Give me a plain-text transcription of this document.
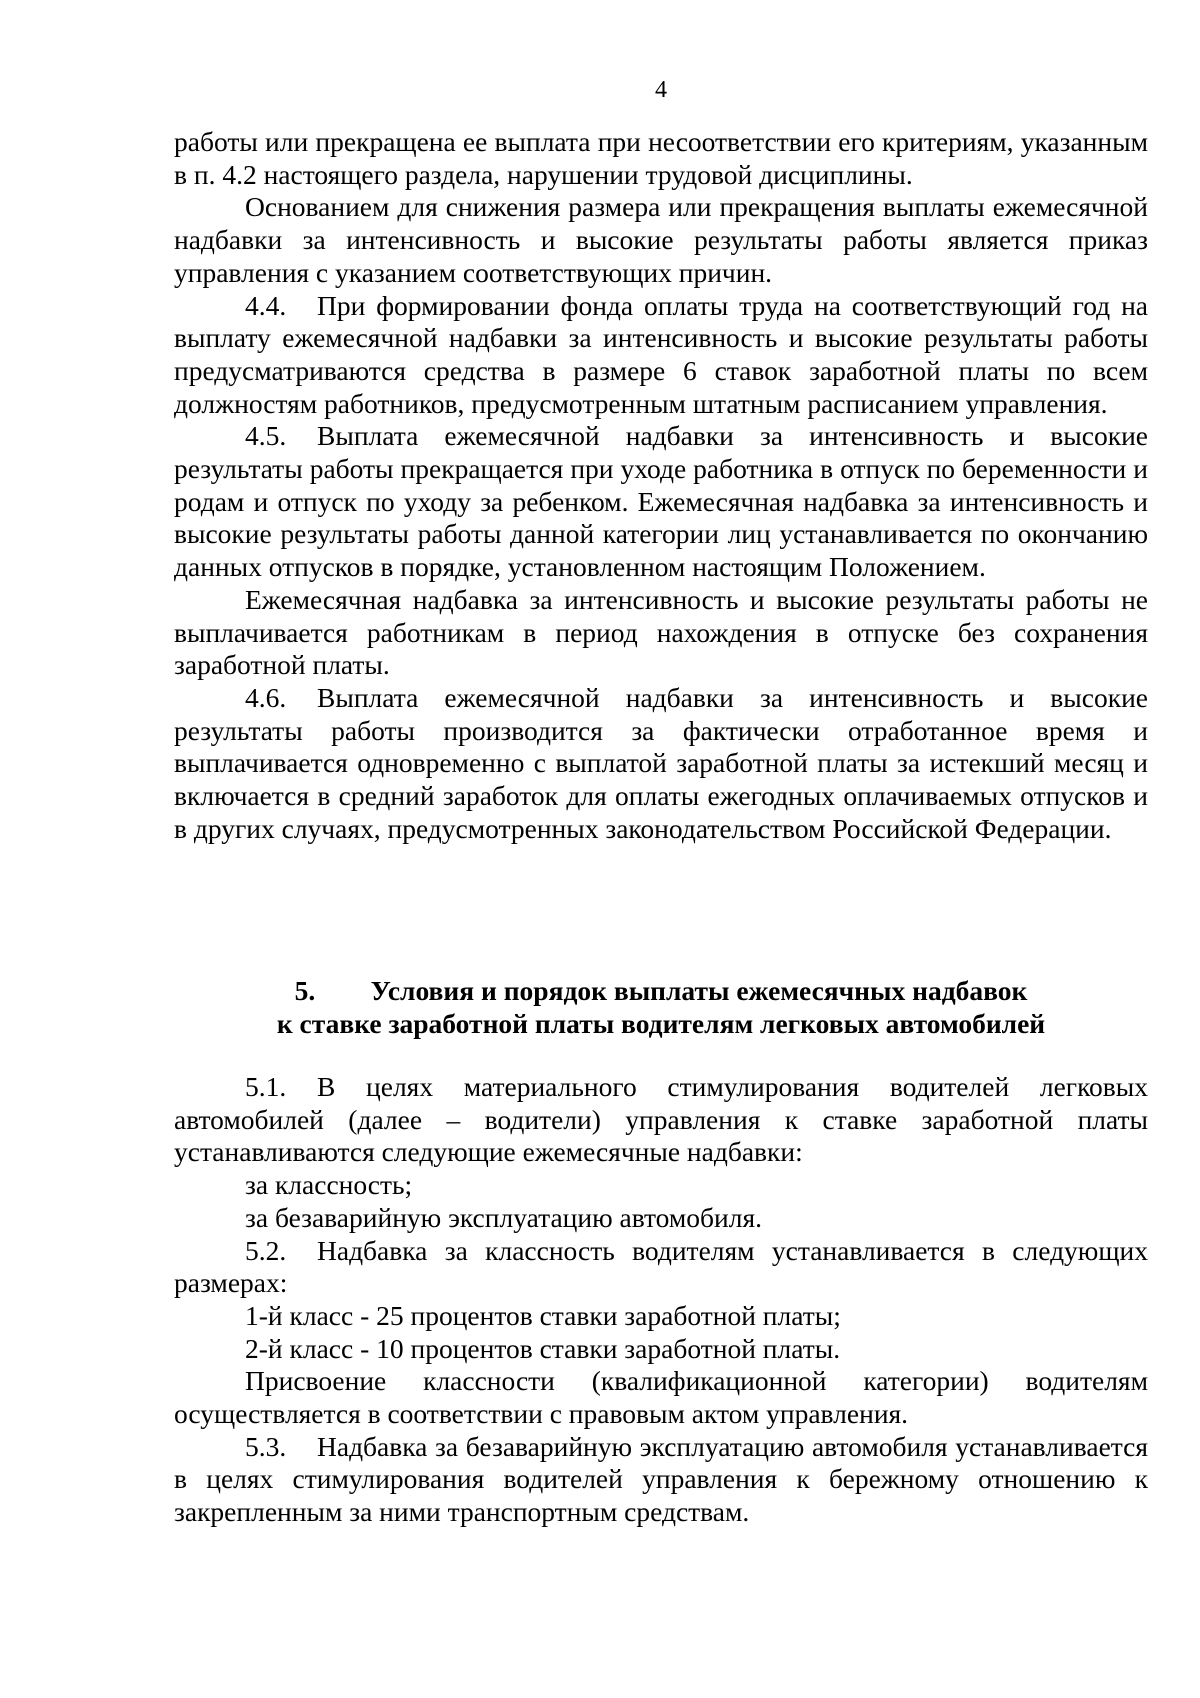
4

работы или прекращена ее выплата при несоответствии его критериям, указанным в п. 4.2 настоящего раздела, нарушении трудовой дисциплины.

Основанием для снижения размера или прекращения выплаты ежемесячной надбавки за интенсивность и высокие результаты работы является приказ управления с указанием соответствующих причин.

4.4. При формировании фонда оплаты труда на соответствующий год на выплату ежемесячной надбавки за интенсивность и высокие результаты работы предусматриваются средства в размере 6 ставок заработной платы по всем должностям работников, предусмотренным штатным расписанием управления.

4.5. Выплата ежемесячной надбавки за интенсивность и высокие результаты работы прекращается при уходе работника в отпуск по беременности и родам и отпуск по уходу за ребенком. Ежемесячная надбавка за интенсивность и высокие результаты работы данной категории лиц устанавливается по окончанию данных отпусков в порядке, установленном настоящим Положением.

Ежемесячная надбавка за интенсивность и высокие результаты работы не выплачивается работникам в период нахождения в отпуске без сохранения заработной платы.

4.6. Выплата ежемесячной надбавки за интенсивность и высокие результаты работы производится за фактически отработанное время и выплачивается одновременно с выплатой заработной платы за истекший месяц и включается в средний заработок для оплаты ежегодных оплачиваемых отпусков и в других случаях, предусмотренных законодательством Российской Федерации.

5. Условия и порядок выплаты ежемесячных надбавок
к ставке заработной платы водителям легковых автомобилей

5.1. В целях материального стимулирования водителей легковых автомобилей (далее – водители) управления к ставке заработной платы устанавливаются следующие ежемесячные надбавки:

за классность;

за безаварийную эксплуатацию автомобиля.

5.2. Надбавка за классность водителям устанавливается в следующих размерах:

1-й класс - 25 процентов ставки заработной платы;

2-й класс - 10 процентов ставки заработной платы.

Присвоение классности (квалификационной категории) водителям осуществляется в соответствии с правовым актом управления.

5.3. Надбавка за безаварийную эксплуатацию автомобиля устанавливается в целях стимулирования водителей управления к бережному отношению к закрепленным за ними транспортным средствам.
